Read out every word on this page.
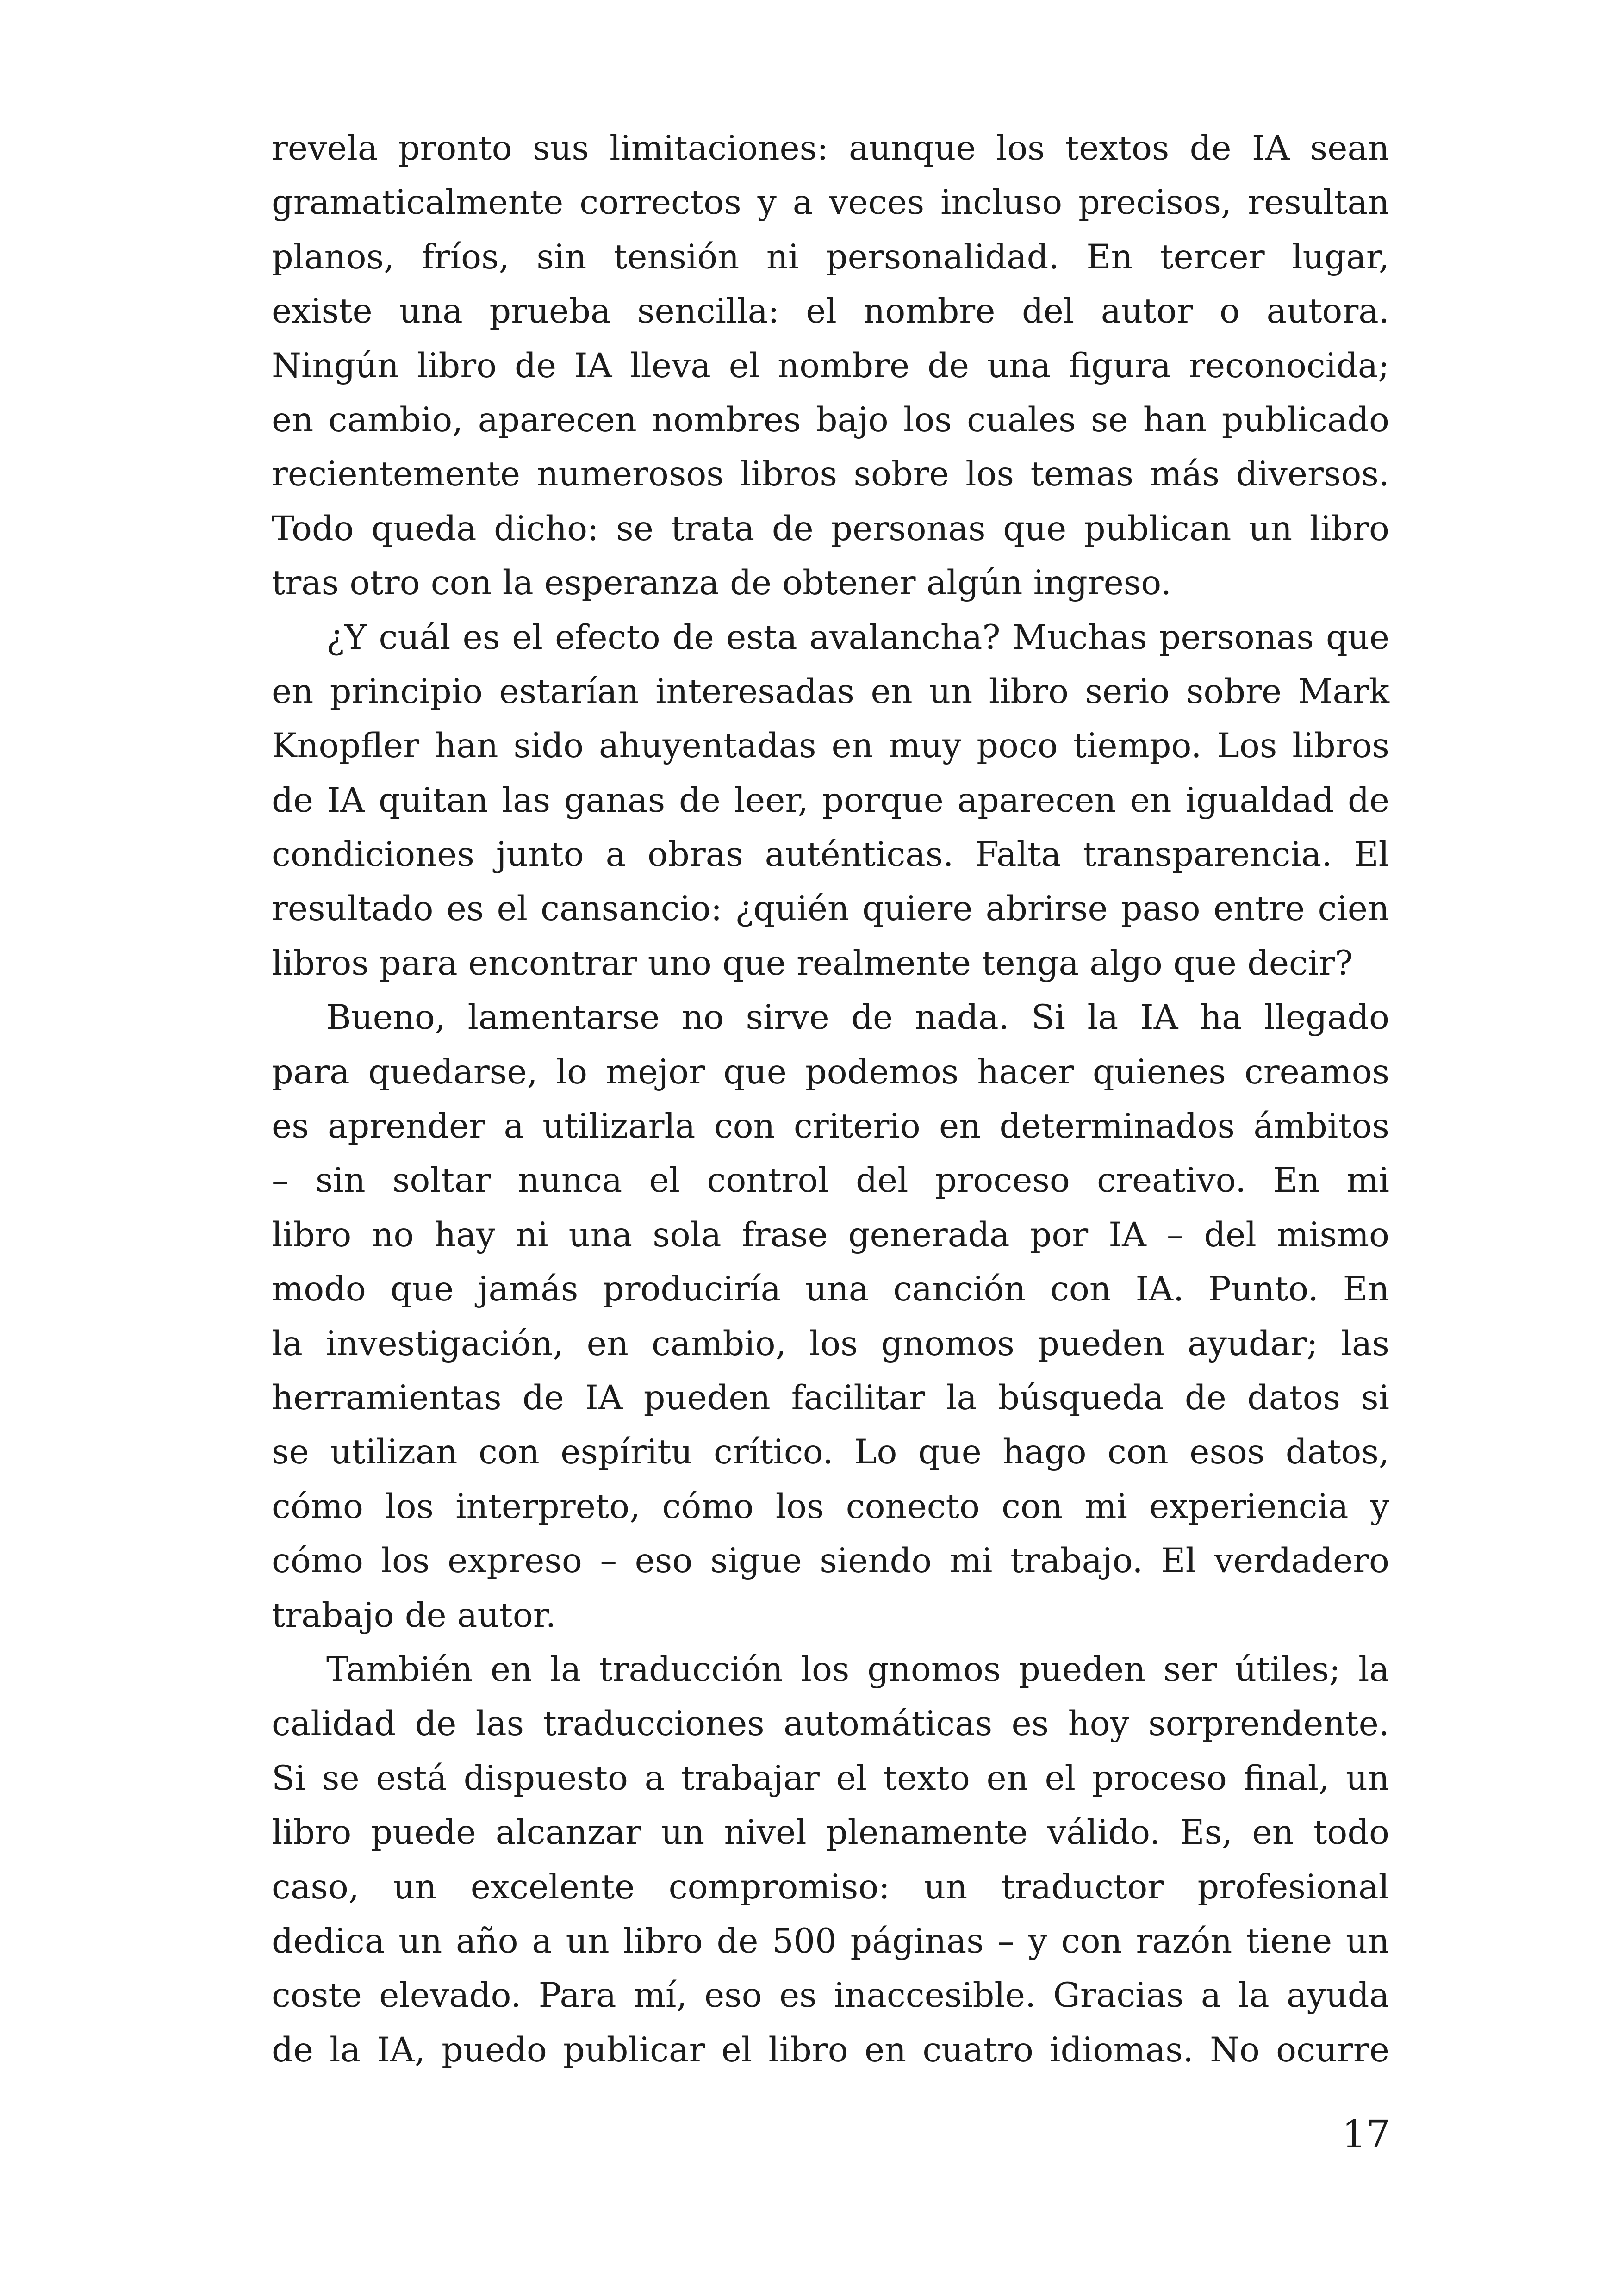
revela pronto sus limitaciones: aunque los textos de IA sean
gramaticalmente correctos y a veces incluso precisos, resultan
planos, fríos, sin tensión ni personalidad. En tercer lugar,
existe una prueba sencilla: el nombre del autor o autora.
Ningún libro de IA lleva el nombre de una figura reconocida;
en cambio, aparecen nombres bajo los cuales se han publicado
recientemente numerosos libros sobre los temas más diversos.
Todo queda dicho: se trata de personas que publican un libro
tras otro con la esperanza de obtener algún ingreso.
¿Y cuál es el efecto de esta avalancha? Muchas personas que
en principio estarían interesadas en un libro serio sobre Mark
Knopfler han sido ahuyentadas en muy poco tiempo. Los libros
de IA quitan las ganas de leer, porque aparecen en igualdad de
condiciones junto a obras auténticas. Falta transparencia. El
resultado es el cansancio: ¿quién quiere abrirse paso entre cien
libros para encontrar uno que realmente tenga algo que decir?
Bueno, lamentarse no sirve de nada. Si la IA ha llegado
para quedarse, lo mejor que podemos hacer quienes creamos
es aprender a utilizarla con criterio en determinados ámbitos
– sin soltar nunca el control del proceso creativo. En mi
libro no hay ni una sola frase generada por IA – del mismo
modo que jamás produciría una canción con IA. Punto. En
la investigación, en cambio, los gnomos pueden ayudar; las
herramientas de IA pueden facilitar la búsqueda de datos si
se utilizan con espíritu crítico. Lo que hago con esos datos,
cómo los interpreto, cómo los conecto con mi experiencia y
cómo los expreso – eso sigue siendo mi trabajo. El verdadero
trabajo de autor.
También en la traducción los gnomos pueden ser útiles; la
calidad de las traducciones automáticas es hoy sorprendente.
Si se está dispuesto a trabajar el texto en el proceso final, un
libro puede alcanzar un nivel plenamente válido. Es, en todo
caso, un excelente compromiso: un traductor profesional
dedica un año a un libro de 500 páginas – y con razón tiene un
coste elevado. Para mí, eso es inaccesible. Gracias a la ayuda
de la IA, puedo publicar el libro en cuatro idiomas. No ocurre
17
